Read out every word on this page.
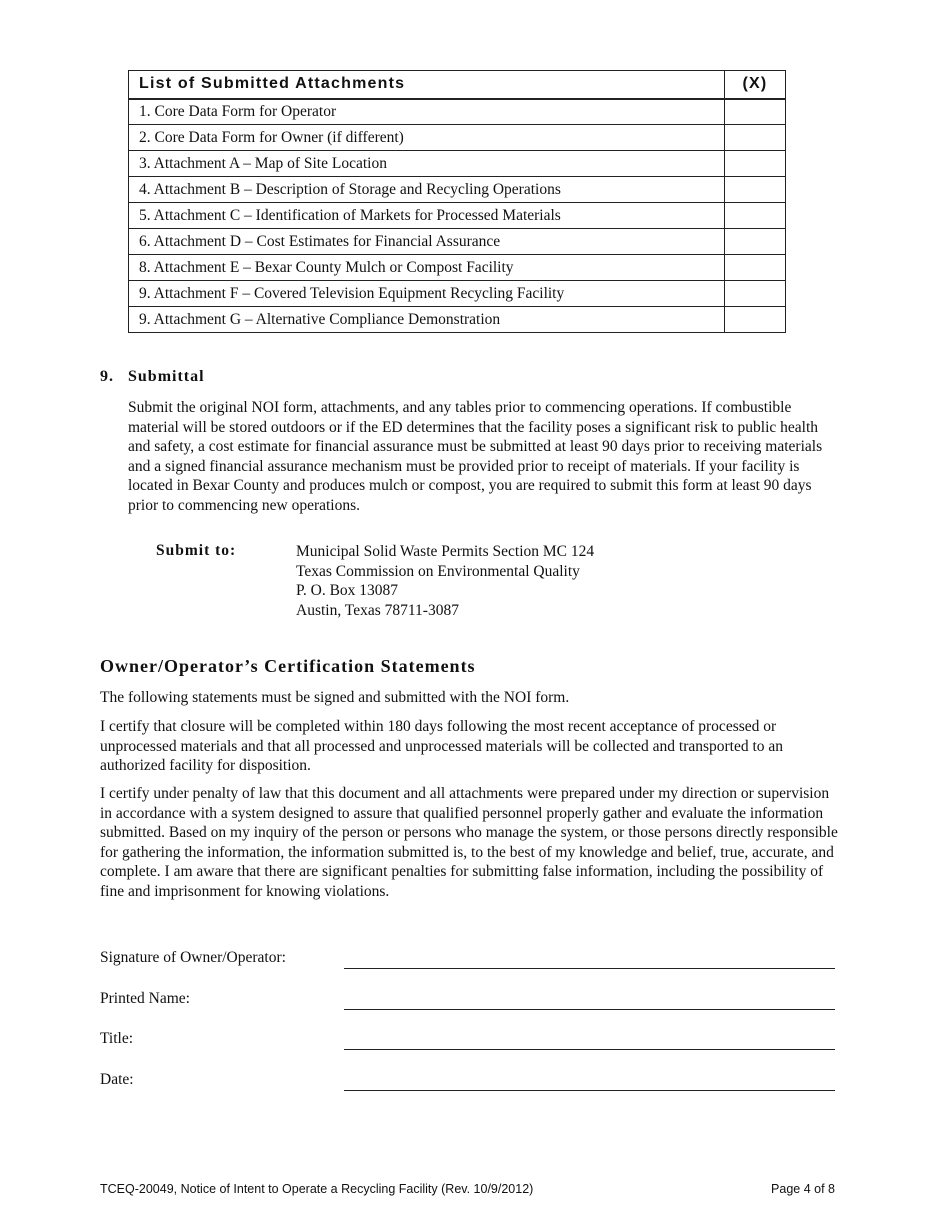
List of Submitted Attachments	(X)
1. Core Data Form for Operator	
2. Core Data Form for Owner (if different)	
3. Attachment A – Map of Site Location	
4. Attachment B – Description of Storage and Recycling Operations	
5. Attachment C – Identification of Markets for Processed Materials	
6. Attachment D – Cost Estimates for Financial Assurance	
8. Attachment E – Bexar County Mulch or Compost Facility	
9. Attachment F – Covered Television Equipment Recycling Facility	
9. Attachment G – Alternative Compliance Demonstration	
9. Submittal

Submit the original NOI form, attachments, and any tables prior to commencing operations. If combustible material will be stored outdoors or if the ED determines that the facility poses a significant risk to public health and safety, a cost estimate for financial assurance must be submitted at least 90 days prior to receiving materials and a signed financial assurance mechanism must be provided prior to receipt of materials. If your facility is located in Bexar County and produces mulch or compost, you are required to submit this form at least 90 days prior to commencing new operations.

Submit to:	Municipal Solid Waste Permits Section MC 124
Texas Commission on Environmental Quality
P. O. Box 13087
Austin, Texas 78711-3087
Owner/Operator’s Certification Statements

The following statements must be signed and submitted with the NOI form.

I certify that closure will be completed within 180 days following the most recent acceptance of processed or unprocessed materials and that all processed and unprocessed materials will be collected and transported to an authorized facility for disposition.

I certify under penalty of law that this document and all attachments were prepared under my direction or supervision in accordance with a system designed to assure that qualified personnel properly gather and evaluate the information submitted. Based on my inquiry of the person or persons who manage the system, or those persons directly responsible for gathering the information, the information submitted is, to the best of my knowledge and belief, true, accurate, and complete. I am aware that there are significant penalties for submitting false information, including the possibility of fine and imprisonment for knowing violations.

Signature of Owner/Operator:
Printed Name:
Title:
Date:
TCEQ-20049, Notice of Intent to Operate a Recycling Facility (Rev. 10/9/2012)	Page 4 of 8
